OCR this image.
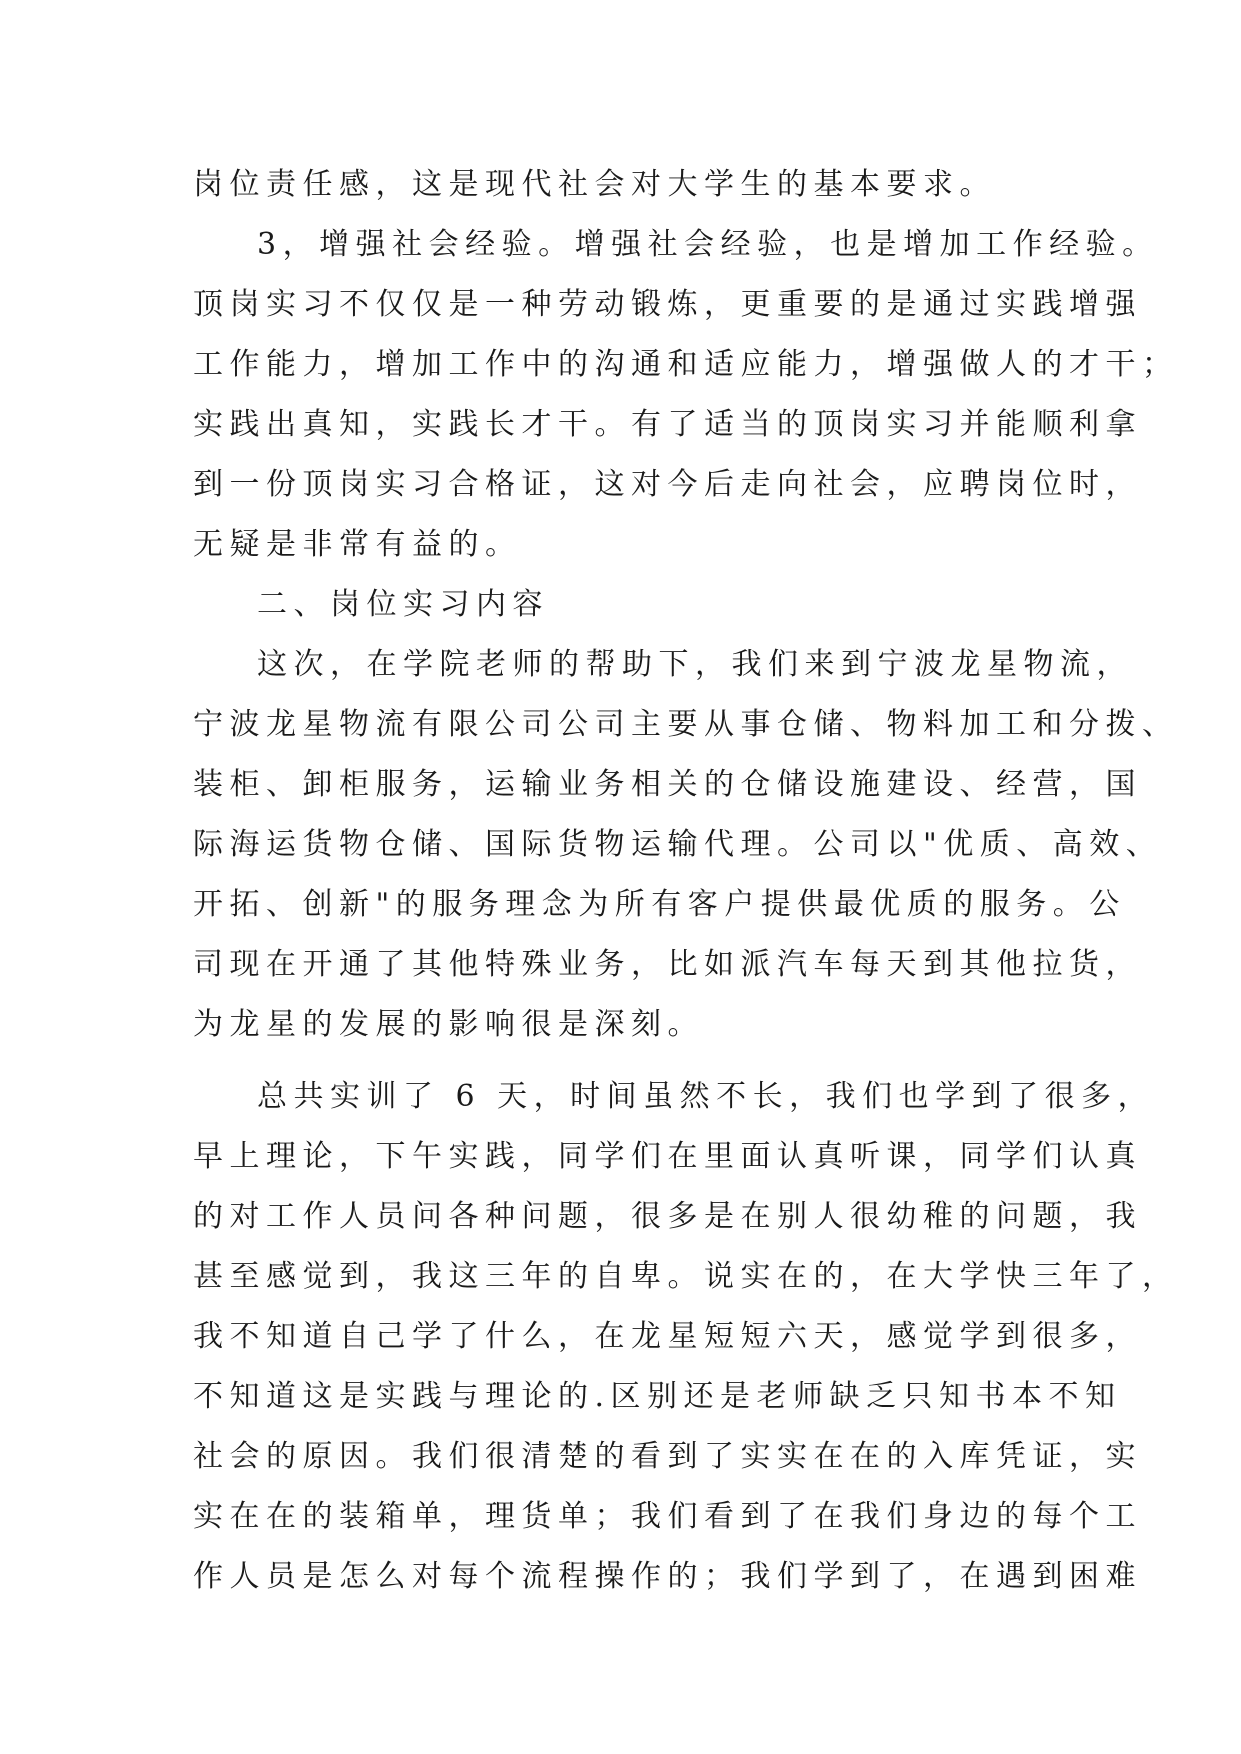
岗位责任感，这是现代社会对大学生的基本要求。
3，增强社会经验。增强社会经验，也是增加工作经验。
顶岗实习不仅仅是一种劳动锻炼，更重要的是通过实践增强
工作能力，增加工作中的沟通和适应能力，增强做人的才干；
实践出真知，实践长才干。有了适当的顶岗实习并能顺利拿
到一份顶岗实习合格证，这对今后走向社会，应聘岗位时，
无疑是非常有益的。
二、岗位实习内容
这次，在学院老师的帮助下，我们来到宁波龙星物流，
宁波龙星物流有限公司公司主要从事仓储、物料加工和分拨、
装柜、卸柜服务，运输业务相关的仓储设施建设、经营，国
际海运货物仓储、国际货物运输代理。公司以"优质、高效、
开拓、创新"的服务理念为所有客户提供最优质的服务。公
司现在开通了其他特殊业务，比如派汽车每天到其他拉货，
为龙星的发展的影响很是深刻。
总共实训了 6 天，时间虽然不长，我们也学到了很多，
早上理论，下午实践，同学们在里面认真听课，同学们认真
的对工作人员问各种问题，很多是在别人很幼稚的问题，我
甚至感觉到，我这三年的自卑。说实在的，在大学快三年了，
我不知道自己学了什么，在龙星短短六天，感觉学到很多，
不知道这是实践与理论的.区别还是老师缺乏只知书本不知
社会的原因。我们很清楚的看到了实实在在的入库凭证，实
实在在的装箱单，理货单；我们看到了在我们身边的每个工
作人员是怎么对每个流程操作的；我们学到了，在遇到困难
